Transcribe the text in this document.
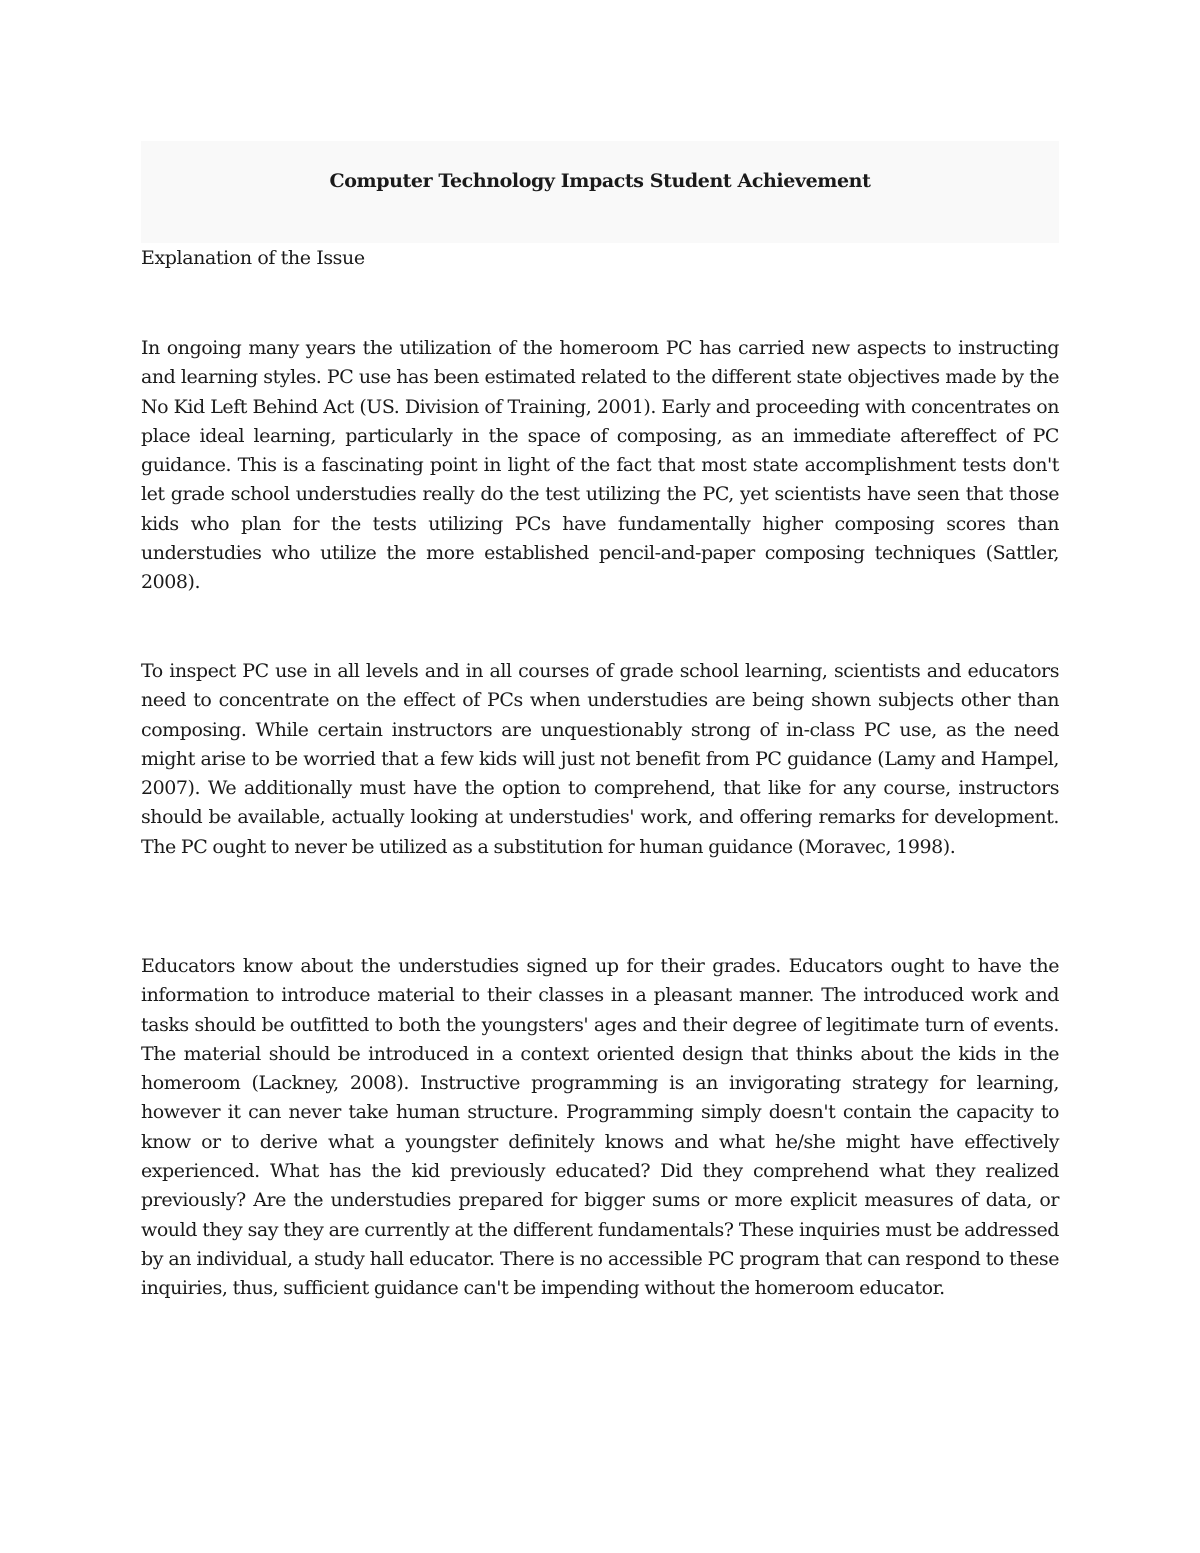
Computer Technology Impacts Student Achievement

Explanation of the Issue

In ongoing many years the utilization of the homeroom PC has carried new aspects to instructing and learning styles. PC use has been estimated related to the different state objectives made by the No Kid Left Behind Act (US. Division of Training, 2001). Early and proceeding with concentrates on place ideal learning, particularly in the space of composing, as an immediate aftereffect of PC guidance. This is a fascinating point in light of the fact that most state accomplishment tests don't let grade school understudies really do the test utilizing the PC, yet scientists have seen that those kids who plan for the tests utilizing PCs have fundamentally higher composing scores than understudies who utilize the more established pencil-and-paper composing techniques (Sattler, 2008).

To inspect PC use in all levels and in all courses of grade school learning, scientists and educators need to concentrate on the effect of PCs when understudies are being shown subjects other than composing. While certain instructors are unquestionably strong of in-class PC use, as the need might arise to be worried that a few kids will just not benefit from PC guidance (Lamy and Hampel, 2007). We additionally must have the option to comprehend, that like for any course, instructors should be available, actually looking at understudies' work, and offering remarks for development. The PC ought to never be utilized as a substitution for human guidance (Moravec, 1998).

Educators know about the understudies signed up for their grades. Educators ought to have the information to introduce material to their classes in a pleasant manner. The introduced work and tasks should be outfitted to both the youngsters' ages and their degree of legitimate turn of events. The material should be introduced in a context oriented design that thinks about the kids in the homeroom (Lackney, 2008). Instructive programming is an invigorating strategy for learning, however it can never take human structure. Programming simply doesn't contain the capacity to know or to derive what a youngster definitely knows and what he/she might have effectively experienced. What has the kid previously educated? Did they comprehend what they realized previously? Are the understudies prepared for bigger sums or more explicit measures of data, or would they say they are currently at the different fundamentals? These inquiries must be addressed by an individual, a study hall educator. There is no accessible PC program that can respond to these inquiries, thus, sufficient guidance can't be impending without the homeroom educator.
